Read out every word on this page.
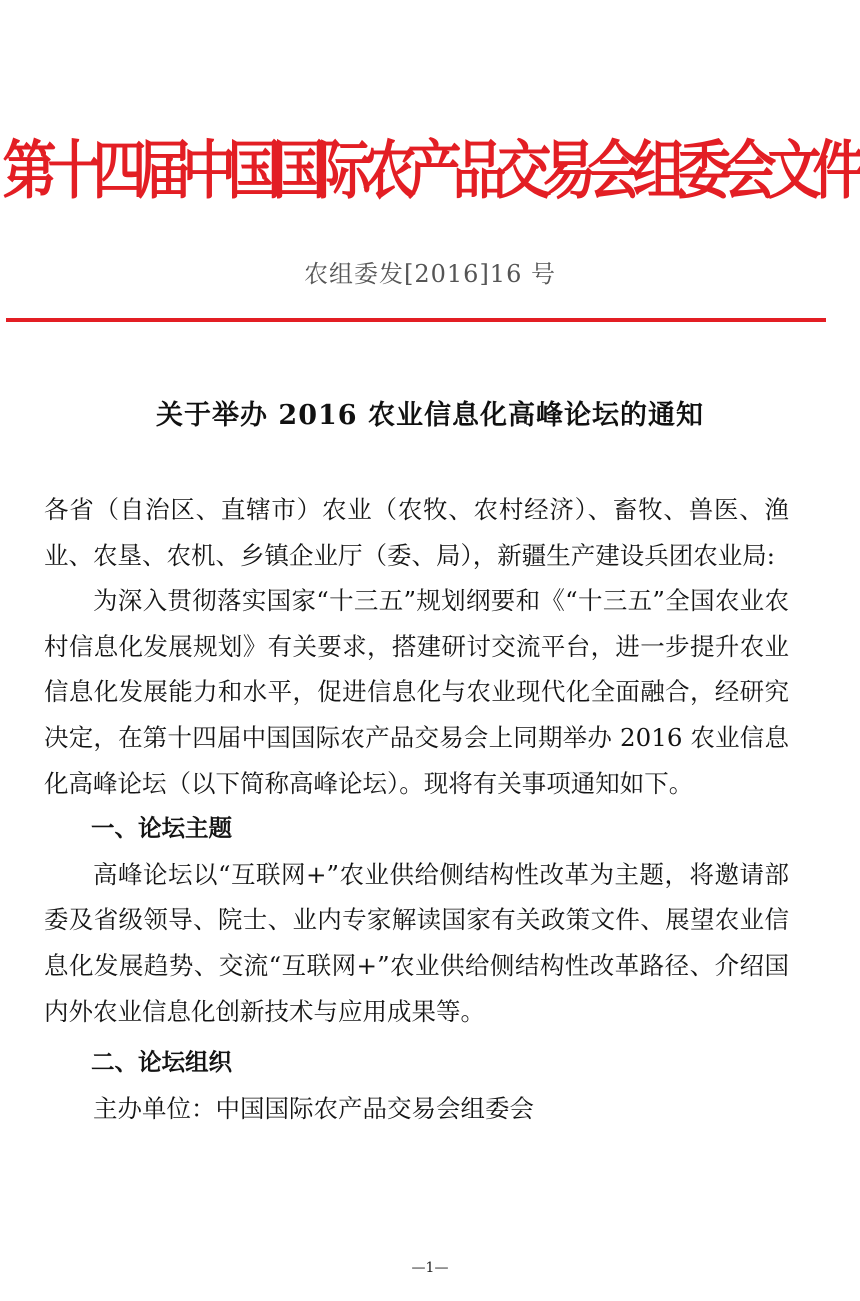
第十四届中国国际农产品交易会组委会文件
农组委发[2016]16 号
关于举办 2016 农业信息化高峰论坛的通知

各省（自治区、直辖市）农业（农牧、农村经济）、畜牧、兽医、渔业、农垦、农机、乡镇企业厅（委、局），新疆生产建设兵团农业局:

为深入贯彻落实国家“十三五”规划纲要和《“十三五”全国农业农村信息化发展规划》有关要求，搭建研讨交流平台，进一步提升农业信息化发展能力和水平，促进信息化与农业现代化全面融合，经研究决定，在第十四届中国国际农产品交易会上同期举办 2016 农业信息化高峰论坛（以下简称高峰论坛）。现将有关事项通知如下。

一、论坛主题

高峰论坛以“互联网+”农业供给侧结构性改革为主题，将邀请部委及省级领导、院士、业内专家解读国家有关政策文件、展望农业信息化发展趋势、交流“互联网+”农业供给侧结构性改革路径、介绍国内外农业信息化创新技术与应用成果等。

二、论坛组织

主办单位：中国国际农产品交易会组委会

—1—
